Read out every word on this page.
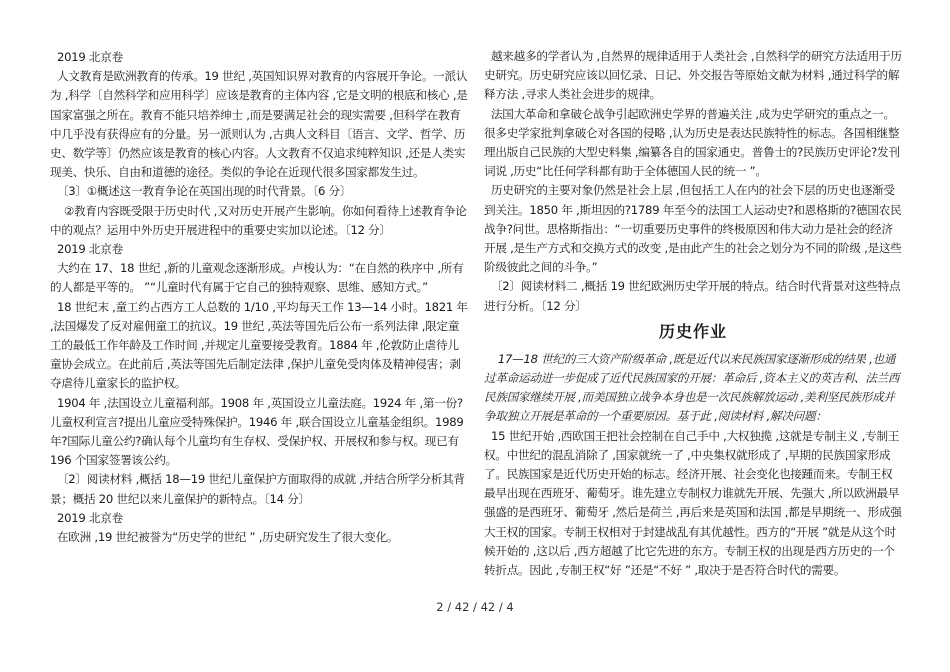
2019 北京卷

人文教育是欧洲教育的传承。19 世纪 ,英国知识界对教育的内容展开争论。一派认为 ,科学〔自然科学和应用科学〕应该是教育的主体内容 ,它是文明的根底和核心 ,是国家富强之所在。教育不能只培养绅士 ,而是要满足社会的现实需要 ,但科学在教育中几乎没有获得应有的分量。另一派则认为 ,古典人文科目〔语言、文学、哲学、历史、数学等〕仍然应该是教育的核心内容。人文教育不仅追求纯粹知识 ,还是人类实现美、快乐、自由和道德的途径。类似的争论在近现代很多国家都发生过。

〔3〕①概述这一教育争论在英国出现的时代背景。〔6 分〕

②教育内容既受限于历史时代 ,又对历史开展产生影响。你如何看待上述教育争论中的观点？运用中外历史开展进程中的重要史实加以论述。〔12 分〕

2019 北京卷

大约在 17、18 世纪 ,新的儿童观念逐渐形成。卢梭认为：“在自然的秩序中 ,所有的人都是平等的。 ”“儿童时代有属于它自己的独特观察、思维、感知方式。”

18 世纪末 ,童工约占西方工人总数的 1/10 ,平均每天工作 13—14 小时。1821 年 ,法国爆发了反对雇佣童工的抗议。19 世纪 ,英法等国先后公布一系列法律 ,限定童工的最低工作年龄及工作时间 ,并规定儿童要接受教育。1884 年 ,伦敦防止虐待儿童协会成立。在此前后 ,英法等国先后制定法律 ,保护儿童免受肉体及精神侵害；剥夺虐待儿童家长的监护权。

1904 年 ,法国设立儿童福利部。1908 年 ,英国设立儿童法庭。1924 年 ,第一份?儿童权利宣言?提出儿童应受特殊保护。1946 年 ,联合国设立儿童基金组织。1989 年?国际儿童公约?确认每个儿童均有生存权、受保护权、开展权和参与权。现已有 196 个国家签署该公约。

〔2〕阅读材料 ,概括 18—19 世纪儿童保护方面取得的成就 ,并结合所学分析其背景；概括 20 世纪以来儿童保护的新特点。〔14 分〕

2019 北京卷

在欧洲 ,19 世纪被誉为“历史学的世纪 ” ,历史研究发生了很大变化。

越来越多的学者认为 ,自然界的规律适用于人类社会 ,自然科学的研究方法适用于历史研究。历史研究应该以回忆录、日记、外交报告等原始文献为材料 ,通过科学的解释方法 ,寻求人类社会进步的规律。

法国大革命和拿破仑战争引起欧洲史学界的普遍关注 ,成为史学研究的重点之一。很多史学家批判拿破仑对各国的侵略 ,认为历史是表达民族特性的标志。各国相继整理出版自己民族的大型史料集 ,编纂各自的国家通史。普鲁士的?民族历史评论?发刊词说 ,历史“比任何学科都有助于全体德国人民的统一 ”。

历史研究的主要对象仍然是社会上层 ,但包括工人在内的社会下层的历史也逐渐受到关注。1850 年 ,斯坦因的?1789 年至今的法国工人运动史?和恩格斯的?德国农民战争?问世。思格斯指出：“一切重要历史事件的终极原因和伟大动力是社会的经济开展 ,是生产方式和交换方式的改变 ,是由此产生的社会之划分为不同的阶级 ,是这些阶级彼此之间的斗争。”

〔2〕阅读材料二 ,概括 19 世纪欧洲历史学开展的特点。结合时代背景对这些特点进行分析。〔12 分〕

历史作业

17—18 世纪的三大资产阶级革命 ,既是近代以来民族国家逐渐形成的结果 ,也通过革命运动进一步促成了近代民族国家的开展：革命后 ,资本主义的英吉利、法兰西民族国家继续开展 ,而美国独立战争本身也是一次民族解放运动 ,美利坚民族形成并争取独立开展是革命的一个重要原因。基于此 ,阅读材料 ,解决问题：

15 世纪开始 ,西欧国王把社会控制在自己手中 ,大权独揽 ,这就是专制主义 ,专制王权。中世纪的混乱消除了 ,国家就统一了 ,中央集权就形成了 ,早期的民族国家形成了。民族国家是近代历史开始的标志。经济开展、社会变化也接踵而来。专制王权最早出现在西班牙、葡萄牙。谁先建立专制权力谁就先开展、先强大 ,所以欧洲最早强盛的是西班牙、葡萄牙 ,然后是荷兰 ,再后来是英国和法国 ,都是早期统一、形成强大王权的国家。专制王权相对于封建战乱有其优越性。西方的“开展 ”就是从这个时候开始的 ,这以后 ,西方超越了比它先进的东方。专制王权的出现是西方历史的一个转折点。因此 ,专制王权“好 ”还是“不好 ” ,取决于是否符合时代的需要。

2 / 42 / 42 / 4
